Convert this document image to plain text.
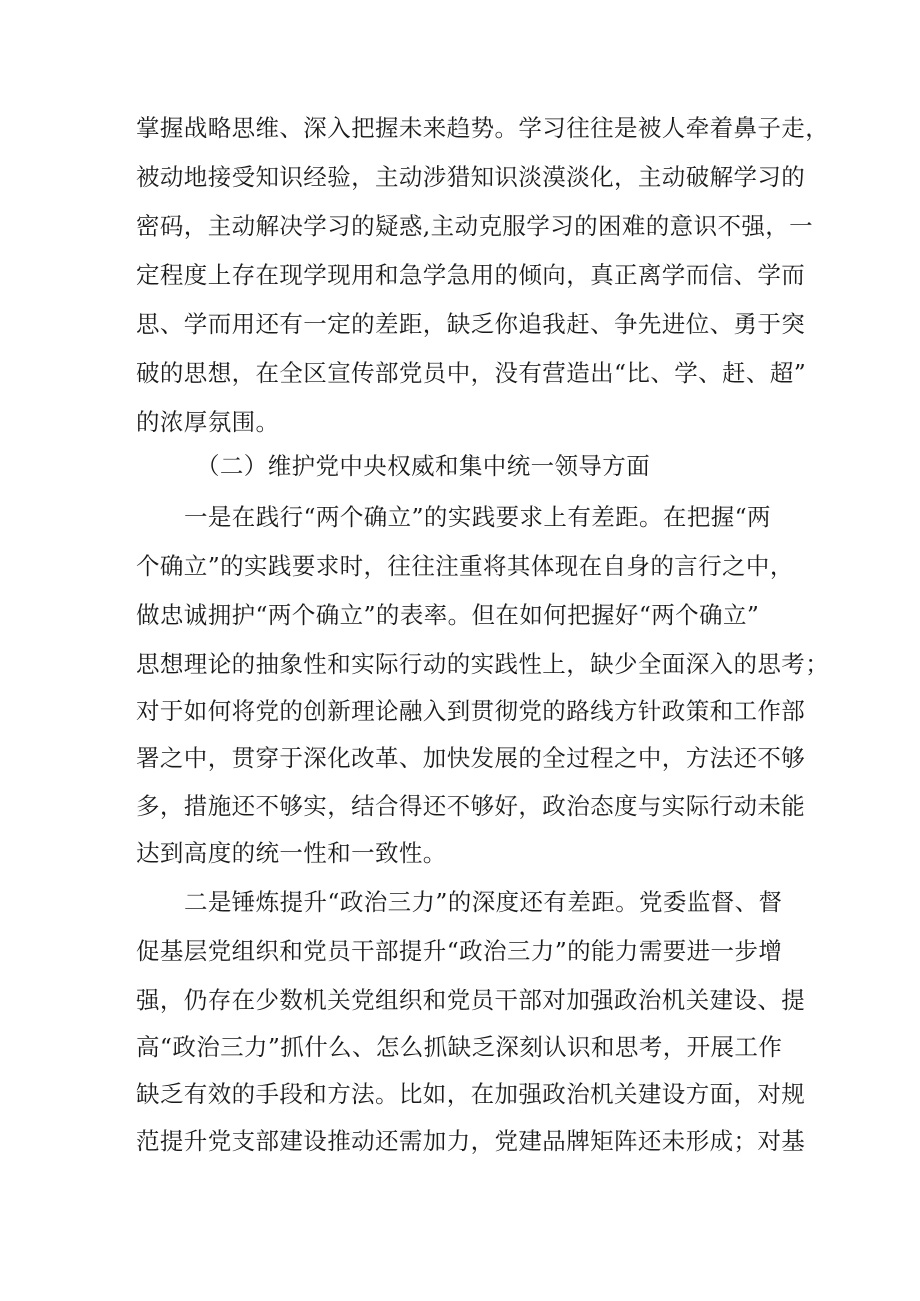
掌握战略思维、深入把握未来趋势。学习往往是被人牵着鼻子走，
被动地接受知识经验，主动涉猎知识淡漠淡化，主动破解学习的
密码，主动解决学习的疑惑,主动克服学习的困难的意识不强，一
定程度上存在现学现用和急学急用的倾向，真正离学而信、学而
思、学而用还有一定的差距，缺乏你追我赶、争先进位、勇于突
破的思想，在全区宣传部党员中，没有营造出“比、学、赶、超”
的浓厚氛围。
（二）维护党中央权威和集中统一领导方面
一是在践行“两个确立”的实践要求上有差距。在把握“两
个确立”的实践要求时，往往注重将其体现在自身的言行之中，
做忠诚拥护“两个确立”的表率。但在如何把握好“两个确立”
思想理论的抽象性和实际行动的实践性上，缺少全面深入的思考；
对于如何将党的创新理论融入到贯彻党的路线方针政策和工作部
署之中，贯穿于深化改革、加快发展的全过程之中，方法还不够
多，措施还不够实，结合得还不够好，政治态度与实际行动未能
达到高度的统一性和一致性。
二是锤炼提升“政治三力”的深度还有差距。党委监督、督
促基层党组织和党员干部提升“政治三力”的能力需要进一步增
强，仍存在少数机关党组织和党员干部对加强政治机关建设、提
高“政治三力”抓什么、怎么抓缺乏深刻认识和思考，开展工作
缺乏有效的手段和方法。比如，在加强政治机关建设方面，对规
范提升党支部建设推动还需加力，党建品牌矩阵还未形成；对基
